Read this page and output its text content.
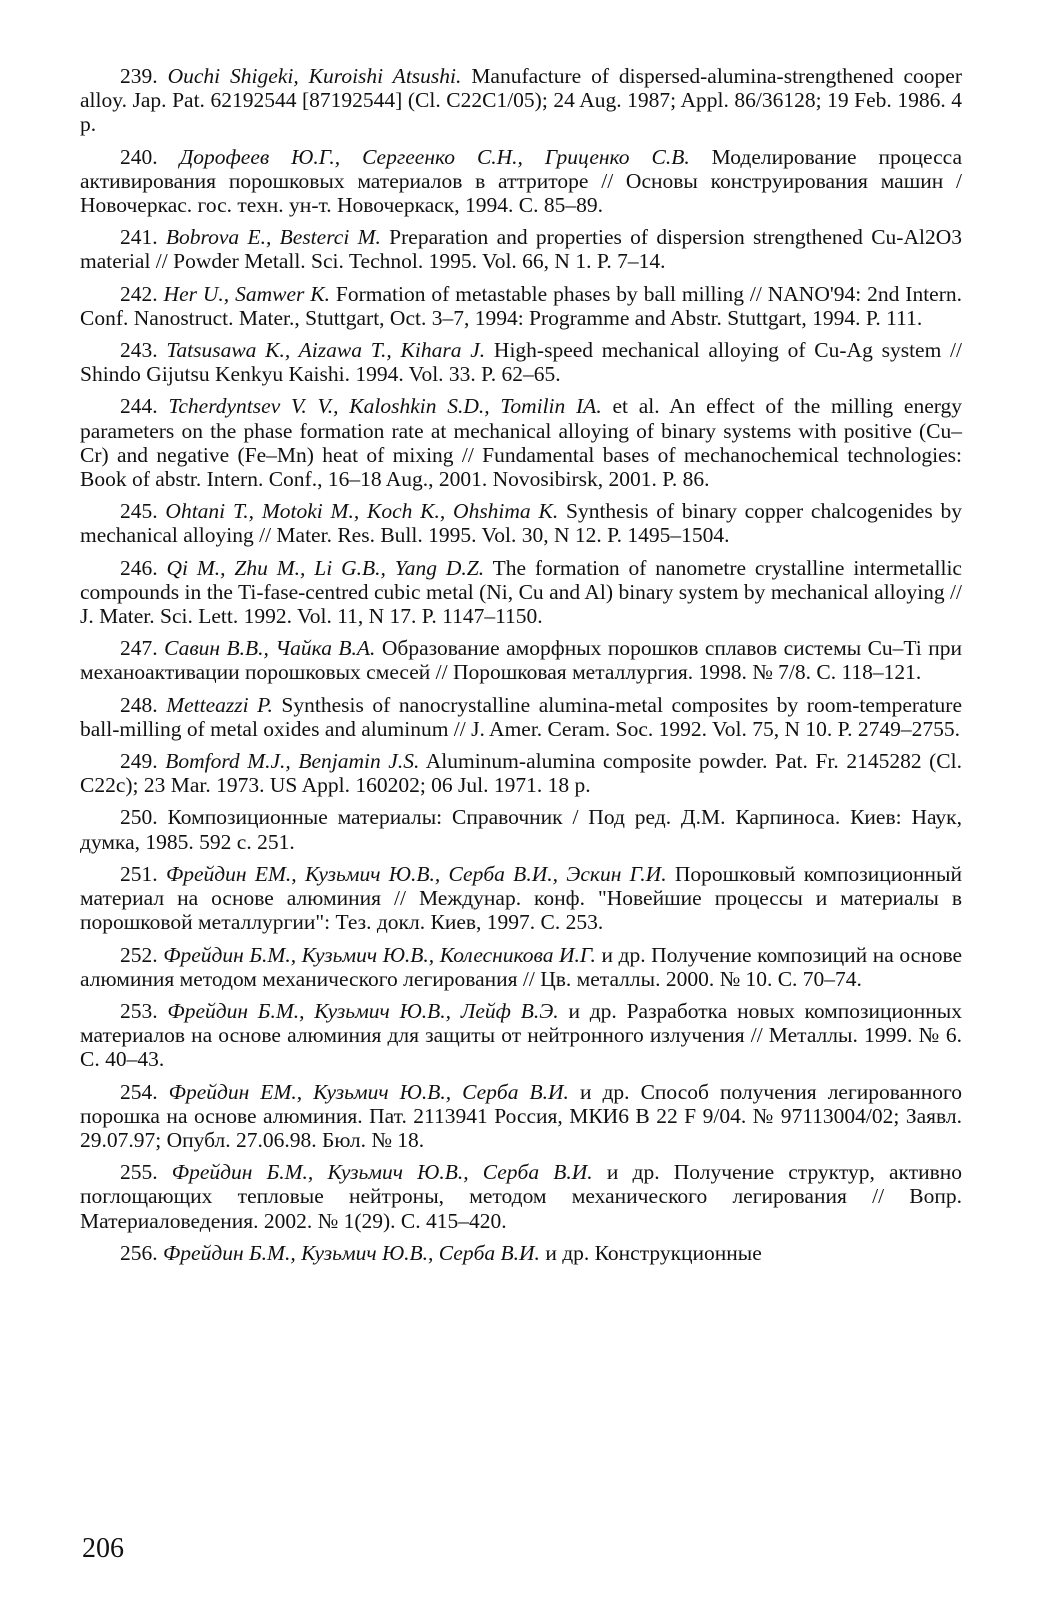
239. Ouchi Shigeki, Kuroishi Atsushi. Manufacture of dispersed-alumina-strengthened cooper alloy. Jap. Pat. 62192544 [87192544] (Cl. C22C1/05); 24 Aug. 1987; Appl. 86/36128; 19 Feb. 1986. 4 p.

240. Дорофеев Ю.Г., Сергеенко С.Н., Гриценко С.В. Моделирование процесса активирования порошковых материалов в аттриторе // Основы конструирования машин / Новочеркас. гос. техн. ун-т. Новочеркаск, 1994. С. 85–89.

241. Bobrova E., Besterci M. Preparation and properties of dispersion strengthened Cu-Al2O3 material // Powder Metall. Sci. Technol. 1995. Vol. 66, N 1. P. 7–14.

242. Her U., Samwer K. Formation of metastable phases by ball milling // NANO'94: 2nd Intern. Conf. Nanostruct. Mater., Stuttgart, Oct. 3–7, 1994: Programme and Abstr. Stuttgart, 1994. P. 111.

243. Tatsusawa K., Aizawa T., Kihara J. High-speed mechanical alloying of Cu-Ag system // Shindo Gijutsu Kenkyu Kaishi. 1994. Vol. 33. P. 62–65.

244. Tcherdyntsev V. V., Kaloshkin S.D., Tomilin IA. et al. An effect of the milling energy parameters on the phase formation rate at mechanical alloying of binary systems with positive (Cu–Cr) and negative (Fe–Mn) heat of mixing // Fundamental bases of mechanochemical technologies: Book of abstr. Intern. Conf., 16–18 Aug., 2001. Novosibirsk, 2001. P. 86.

245. Ohtani T., Motoki M., Koch K., Ohshima K. Synthesis of binary copper chalcogenides by mechanical alloying // Mater. Res. Bull. 1995. Vol. 30, N 12. P. 1495–1504.

246. Qi M., Zhu M., Li G.B., Yang D.Z. The formation of nanometre crystalline intermetallic compounds in the Ti-fase-centred cubic metal (Ni, Cu and Al) binary system by mechanical alloying // J. Mater. Sci. Lett. 1992. Vol. 11, N 17. P. 1147–1150.

247. Савин В.В., Чайка В.А. Образование аморфных порошков сплавов системы Cu–Ti при механоактивации порошковых смесей // Порошковая металлургия. 1998. № 7/8. С. 118–121.

248. Metteazzi P. Synthesis of nanocrystalline alumina-metal composites by room-temperature ball-milling of metal oxides and aluminum // J. Amer. Ceram. Soc. 1992. Vol. 75, N 10. P. 2749–2755.

249. Bomford M.J., Benjamin J.S. Aluminum-alumina composite powder. Pat. Fr. 2145282 (Cl. C22c); 23 Mar. 1973. US Appl. 160202; 06 Jul. 1971. 18 p.

250. Композиционные материалы: Справочник / Под ред. Д.М. Карпиноса. Киев: Наук, думка, 1985. 592 с. 251.

251. Фрейдин ЕМ., Кузьмич Ю.В., Серба В.И., Эскин Г.И. Порошковый композиционный материал на основе алюминия // Междунар. конф. "Новейшие процессы и материалы в порошковой металлургии": Тез. докл. Киев, 1997. С. 253.

252. Фрейдин Б.М., Кузьмич Ю.В., Колесникова И.Г. и др. Получение композиций на основе алюминия методом механического легирования // Цв. металлы. 2000. № 10. С. 70–74.

253. Фрейдин Б.М., Кузьмич Ю.В., Лейф В.Э. и др. Разработка новых композиционных материалов на основе алюминия для защиты от нейтронного излучения // Металлы. 1999. № 6. С. 40–43.

254. Фрейдин ЕМ., Кузьмич Ю.В., Серба В.И. и др. Способ получения легированного порошка на основе алюминия. Пат. 2113941 Россия, МКИ6 В 22 F 9/04. № 97113004/02; Заявл. 29.07.97; Опубл. 27.06.98. Бюл. № 18.

255. Фрейдин Б.М., Кузьмич Ю.В., Серба В.И. и др. Получение структур, активно поглощающих тепловые нейтроны, методом механического легирования // Вопр. Материаловедения. 2002. № 1(29). С. 415–420.

256. Фрейдин Б.М., Кузьмич Ю.В., Серба В.И. и др. Конструкционные

206
